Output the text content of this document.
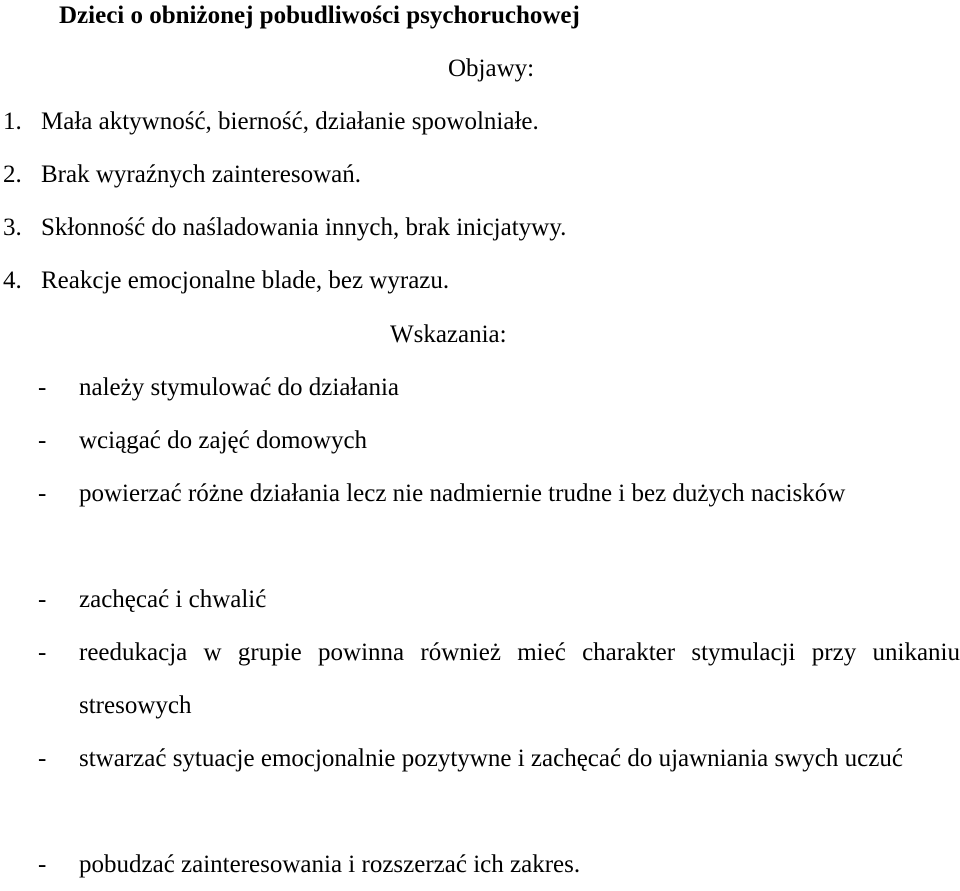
Dzieci o obniżonej pobudliwości psychoruchowej
Objawy:
1. Mała aktywność, bierność, działanie spowolniałe.
2. Brak wyraźnych zainteresowań.
3. Skłonność do naśladowania innych, brak inicjatywy.
4. Reakcje emocjonalne blade, bez wyrazu.
Wskazania:
- należy stymulować do działania
- wciągać do zajęć domowych
- powierzać różne działania lecz nie nadmiernie trudne i bez dużych nacisków
- zachęcać i chwalić
- reedukacja w grupie powinna również mieć charakter stymulacji przy unikaniu stresowych
- stwarzać sytuacje emocjonalnie pozytywne i zachęcać do ujawniania swych uczuć
- pobudzać zainteresowania i rozszerzać ich zakres.
